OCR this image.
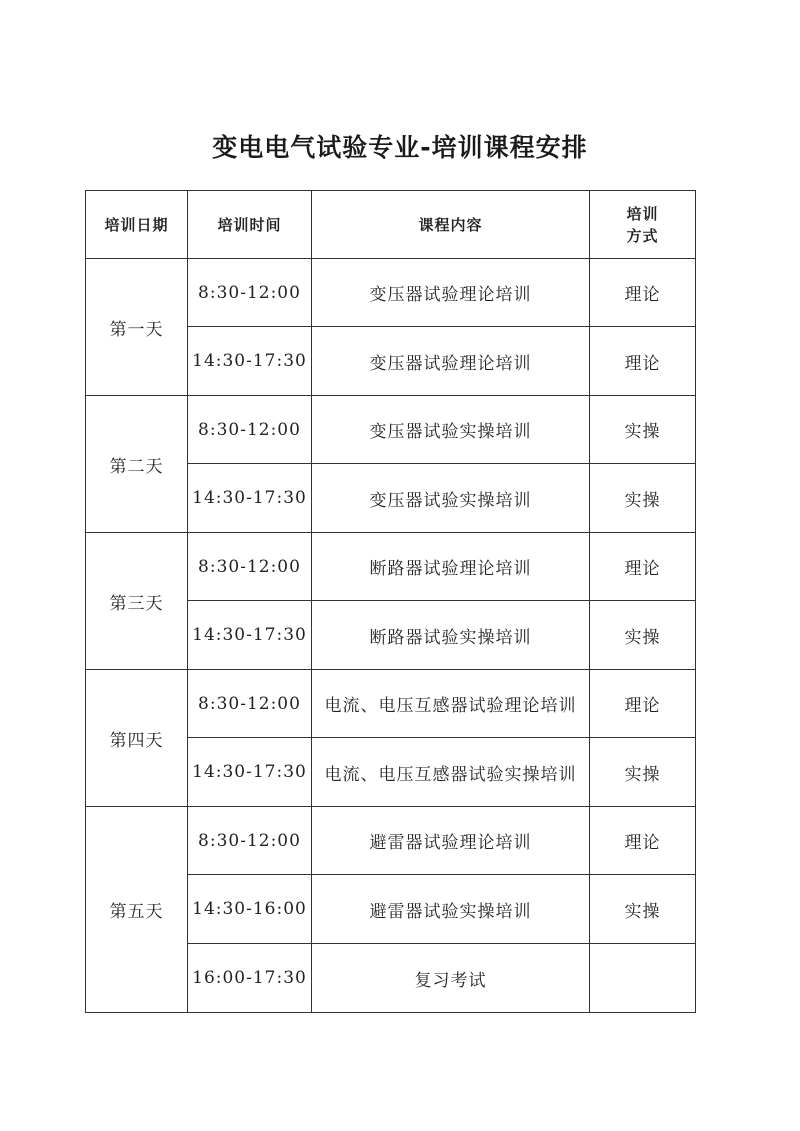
变电电气试验专业-培训课程安排
培训日期	培训时间	课程内容	培训
方式

第一天	8:30-12:00	变压器试验理论培训	理论
	14:30-17:30	变压器试验理论培训	理论
第二天	8:30-12:00	变压器试验实操培训	实操
	14:30-17:30	变压器试验实操培训	实操
第三天	8:30-12:00	断路器试验理论培训	理论
	14:30-17:30	断路器试验实操培训	实操
第四天	8:30-12:00	电流、电压互感器试验理论培训	理论
	14:30-17:30	电流、电压互感器试验实操培训	实操
第五天	8:30-12:00	避雷器试验理论培训	理论
	14:30-16:00	避雷器试验实操培训	实操
	16:00-17:30	复习考试	
